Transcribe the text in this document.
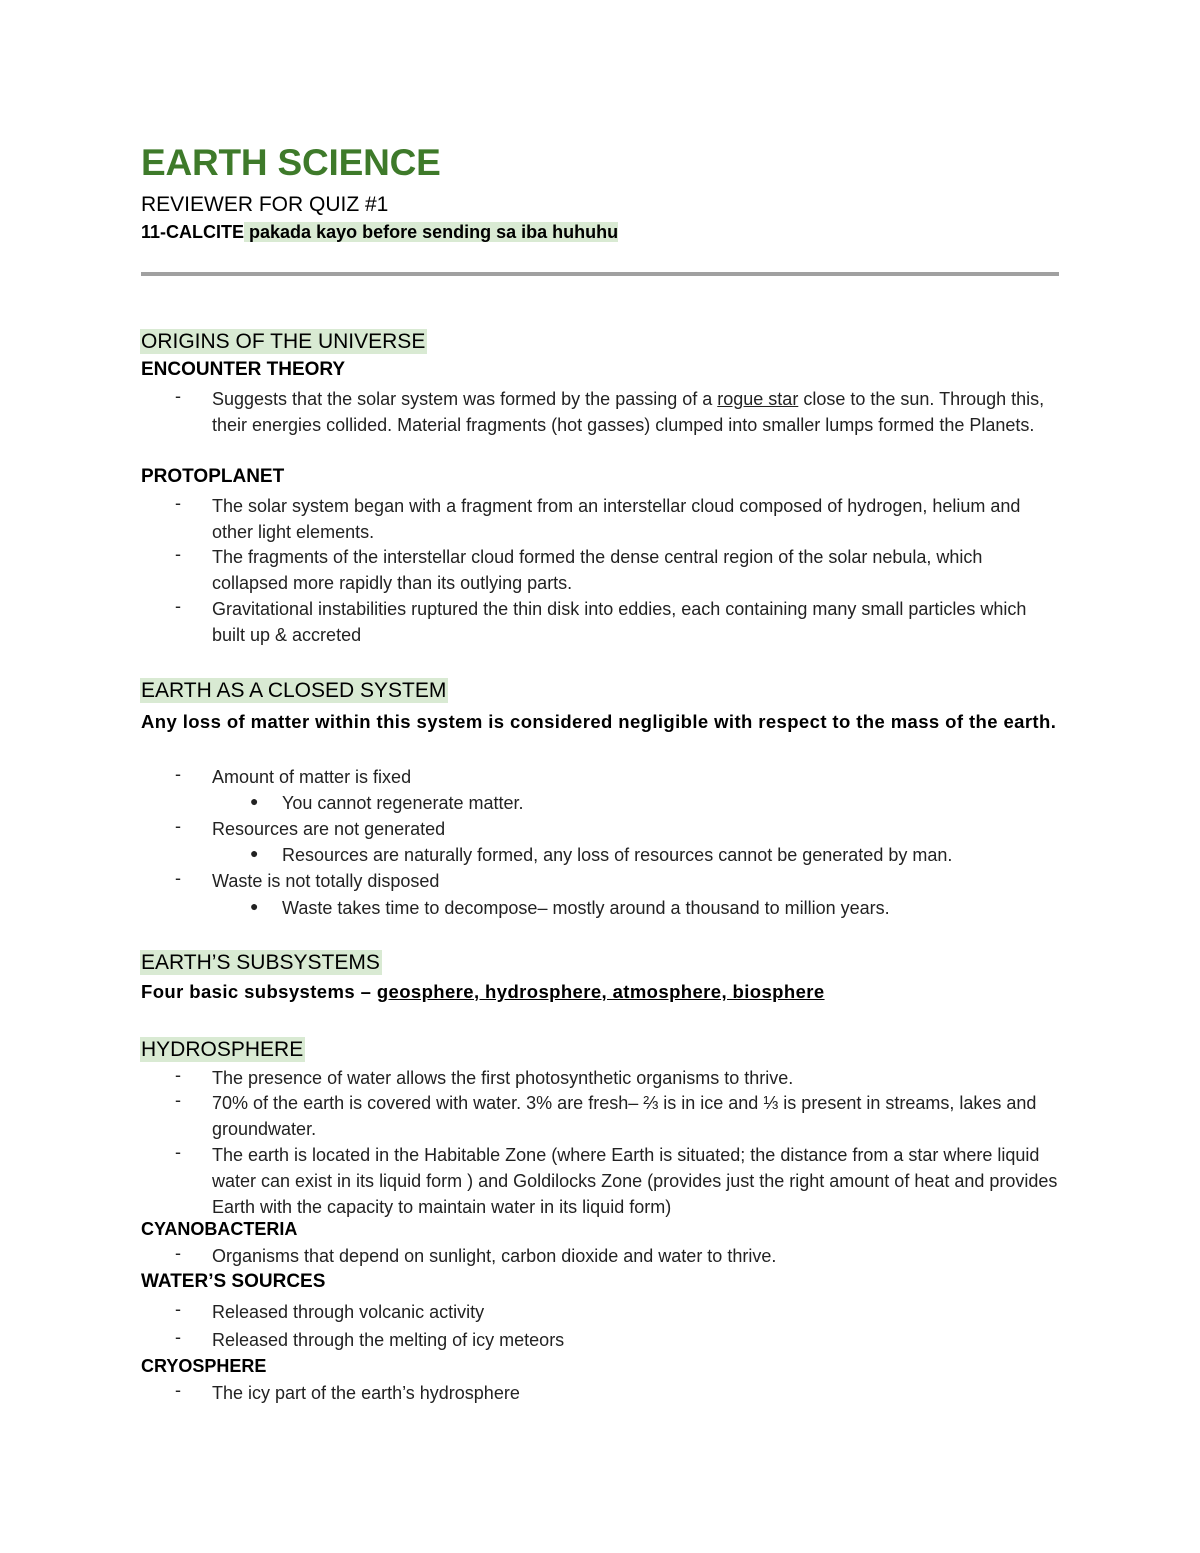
EARTH SCIENCE
REVIEWER FOR QUIZ #1
11-CALCITE pakada kayo before sending sa iba huhuhu
ORIGINS OF THE UNIVERSE
ENCOUNTER THEORY
- Suggests that the solar system was formed by the passing of a rogue star close to the sun. Through this, their energies collided. Material fragments (hot gasses) clumped into smaller lumps formed the Planets.
PROTOPLANET
- The solar system began with a fragment from an interstellar cloud composed of hydrogen, helium and other light elements.
- The fragments of the interstellar cloud formed the dense central region of the solar nebula, which collapsed more rapidly than its outlying parts.
- Gravitational instabilities ruptured the thin disk into eddies, each containing many small particles which built up & accreted
EARTH AS A CLOSED SYSTEM
Any loss of matter within this system is considered negligible with respect to the mass of the earth.
- Amount of matter is fixed
● You cannot regenerate matter.
- Resources are not generated
● Resources are naturally formed, any loss of resources cannot be generated by man.
- Waste is not totally disposed
● Waste takes time to decompose– mostly around a thousand to million years.
EARTH’S SUBSYSTEMS
Four basic subsystems – geosphere, hydrosphere, atmosphere, biosphere
HYDROSPHERE
- The presence of water allows the first photosynthetic organisms to thrive.
- 70% of the earth is covered with water. 3% are fresh– ⅔ is in ice and ⅓ is present in streams, lakes and groundwater.
- The earth is located in the Habitable Zone (where Earth is situated; the distance from a star where liquid water can exist in its liquid form ) and Goldilocks Zone (provides just the right amount of heat and provides Earth with the capacity to maintain water in its liquid form)
CYANOBACTERIA
- Organisms that depend on sunlight, carbon dioxide and water to thrive.
WATER’S SOURCES
- Released through volcanic activity
- Released through the melting of icy meteors
CRYOSPHERE
- The icy part of the earth’s hydrosphere
